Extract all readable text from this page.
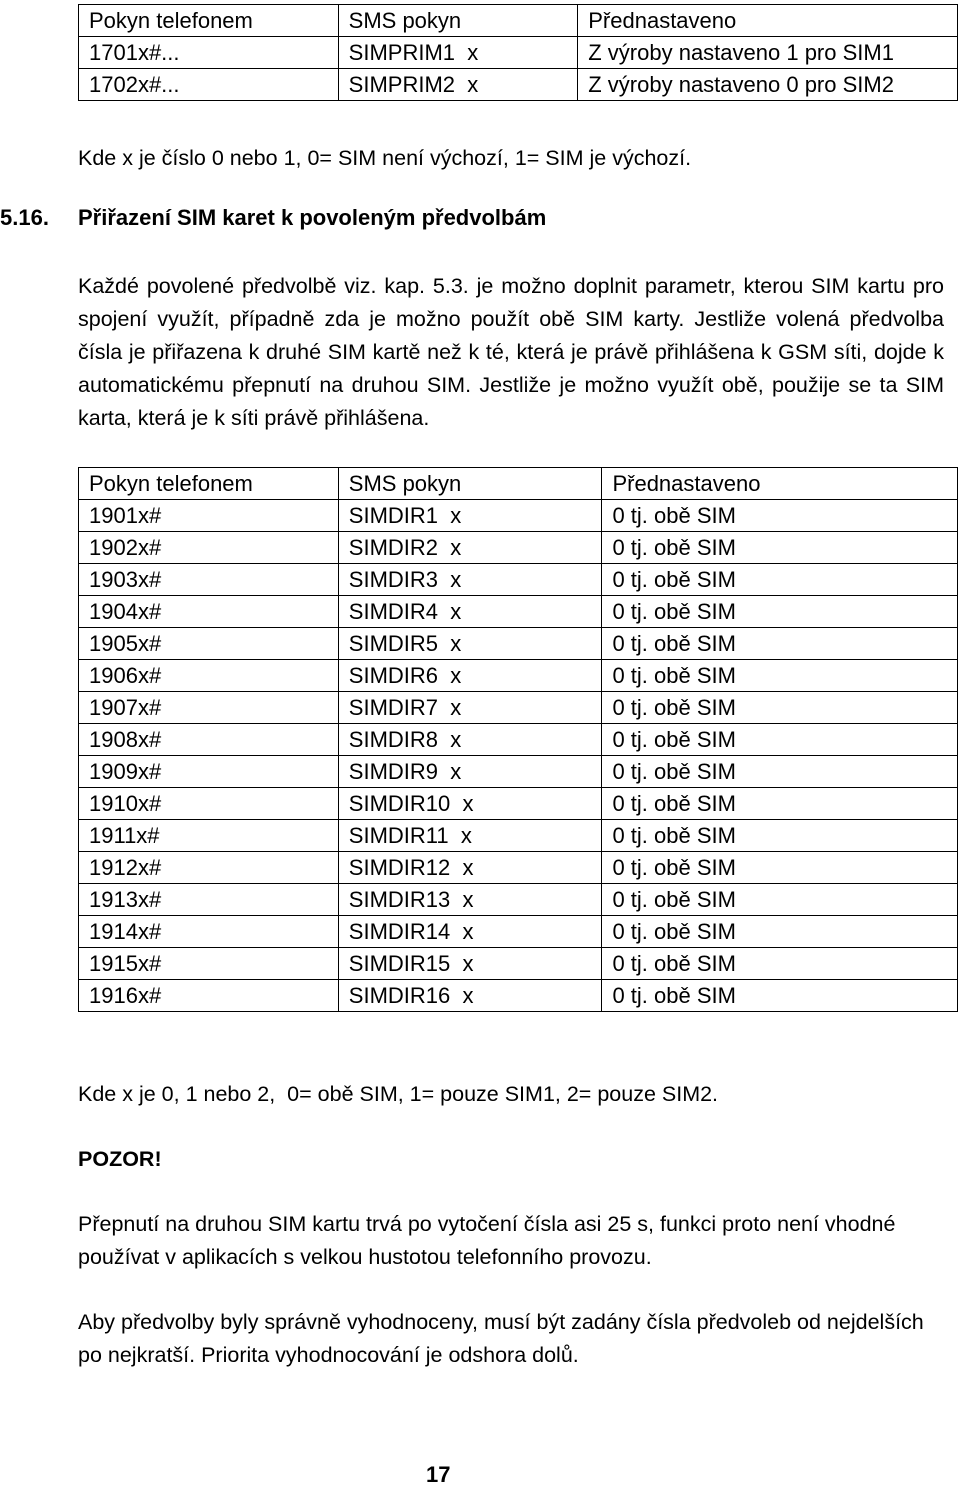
Pokyn telefonem	SMS pokyn	Přednastaveno
1701x#...	SIMPRIM1  x	Z výroby nastaveno 1 pro SIM1
1702x#...	SIMPRIM2  x	Z výroby nastaveno 0 pro SIM2
Kde x je číslo 0 nebo 1, 0= SIM není výchozí, 1= SIM je výchozí.
5.16. Přiřazení SIM karet k povoleným předvolbám
Každé povolené předvolbě viz. kap. 5.3. je možno doplnit parametr, kterou SIM kartu pro spojení využít, případně zda je možno použít obě SIM karty. Jestliže volená předvolba čísla je přiřazena k druhé SIM kartě než k té, která je právě přihlášena k GSM síti, dojde k automatickému přepnutí na druhou SIM. Jestliže je možno využít obě, použije se ta SIM karta, která je k síti právě přihlášena.
Pokyn telefonem	SMS pokyn	Přednastaveno
1901x#	SIMDIR1  x	0 tj. obě SIM
1902x#	SIMDIR2  x	0 tj. obě SIM
1903x#	SIMDIR3  x	0 tj. obě SIM
1904x#	SIMDIR4  x	0 tj. obě SIM
1905x#	SIMDIR5  x	0 tj. obě SIM
1906x#	SIMDIR6  x	0 tj. obě SIM
1907x#	SIMDIR7  x	0 tj. obě SIM
1908x#	SIMDIR8  x	0 tj. obě SIM
1909x#	SIMDIR9  x	0 tj. obě SIM
1910x#	SIMDIR10  x	0 tj. obě SIM
1911x#	SIMDIR11  x	0 tj. obě SIM
1912x#	SIMDIR12  x	0 tj. obě SIM
1913x#	SIMDIR13  x	0 tj. obě SIM
1914x#	SIMDIR14  x	0 tj. obě SIM
1915x#	SIMDIR15  x	0 tj. obě SIM
1916x#	SIMDIR16  x	0 tj. obě SIM
Kde x je 0, 1 nebo 2,  0= obě SIM, 1= pouze SIM1, 2= pouze SIM2.
POZOR!
Přepnutí na druhou SIM kartu trvá po vytočení čísla asi 25 s, funkci proto není vhodné používat v aplikacích s velkou hustotou telefonního provozu.
Aby předvolby byly správně vyhodnoceny, musí být zadány čísla předvoleb od nejdelších po nejkratší. Priorita vyhodnocování je odshora dolů.
17
